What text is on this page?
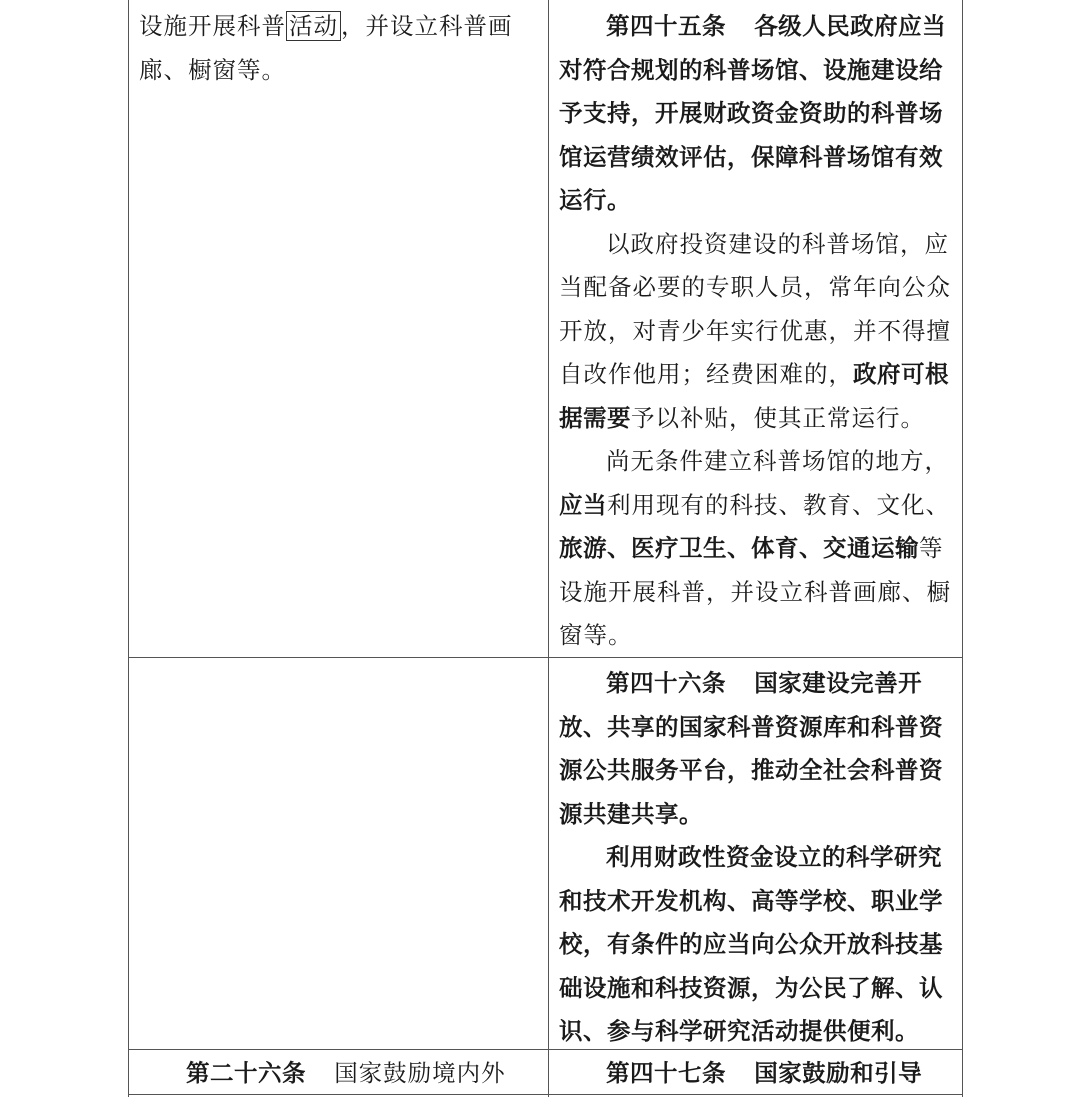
设施开展科普 活动 ，并设立科普画

廊、橱窗等。

第四十五条 各级人民政府应当对符合规划的科普场馆、设施建设给予支持，开展财政资金资助的科普场馆运营绩效评估，保障科普场馆有效运行。

以政府投资建设的科普场馆，应当配备必要的专职人员，常年向公众开放，对青少年实行优惠，并不得擅自改作他用；经费困难的，政府可根据需要予以补贴，使其正常运行。

尚无条件建立科普场馆的地方，应当利用现有的科技、教育、文化、旅游、医疗卫生、体育、交通运输等设施开展科普，并设立科普画廊、橱窗等。

第四十六条 国家建设完善开放、共享的国家科普资源库和科普资源公共服务平台，推动全社会科普资源共建共享。

利用财政性资金设立的科学研究和技术开发机构、高等学校、职业学校，有条件的应当向公众开放科技基础设施和科技资源，为公民了解、认识、参与科学研究活动提供便利。

第二十六条 国家鼓励境内外	第四十七条 国家鼓励和引导
